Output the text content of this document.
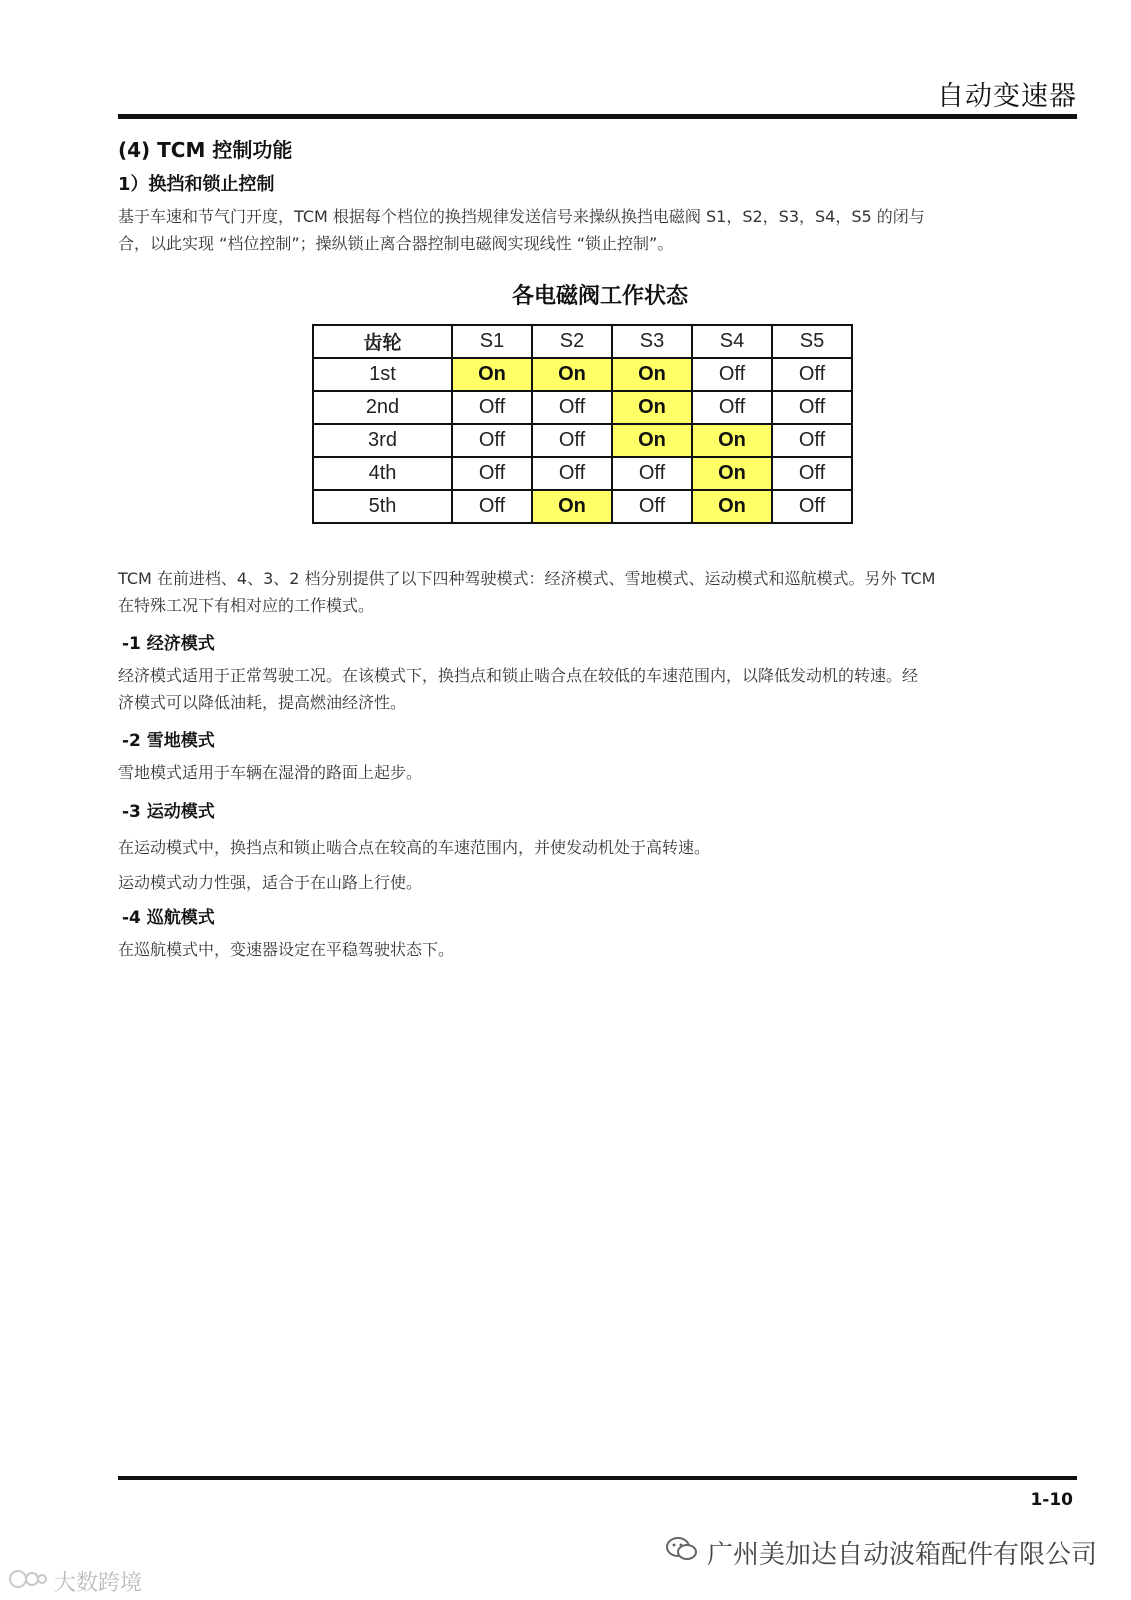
自动变速器
(4) TCM 控制功能
1）换挡和锁止控制

基于车速和节气门开度，TCM 根据每个档位的换挡规律发送信号来操纵换挡电磁阀 S1，S2，S3，S4，S5 的闭与

合，以此实现 “档位控制”；操纵锁止离合器控制电磁阀实现线性 “锁止控制”。

各电磁阀工作状态
齿轮	S1	S2	S3	S4	S5
1st	On	On	On	Off	Off
2nd	Off	Off	On	Off	Off
3rd	Off	Off	On	On	Off
4th	Off	Off	Off	On	Off
5th	Off	On	Off	On	Off

TCM 在前进档、4、3、2 档分别提供了以下四种驾驶模式：经济模式、雪地模式、运动模式和巡航模式。另外 TCM

在特殊工况下有相对应的工作模式。

-1 经济模式

经济模式适用于正常驾驶工况。在该模式下，换挡点和锁止啮合点在较低的车速范围内，以降低发动机的转速。经

济模式可以降低油耗，提高燃油经济性。

-2 雪地模式

雪地模式适用于车辆在湿滑的路面上起步。

-3 运动模式

在运动模式中，换挡点和锁止啮合点在较高的车速范围内，并使发动机处于高转速。

运动模式动力性强，适合于在山路上行使。

-4 巡航模式

在巡航模式中，变速器设定在平稳驾驶状态下。

1-10
广州美加达自动波箱配件有限公司
大数跨境
